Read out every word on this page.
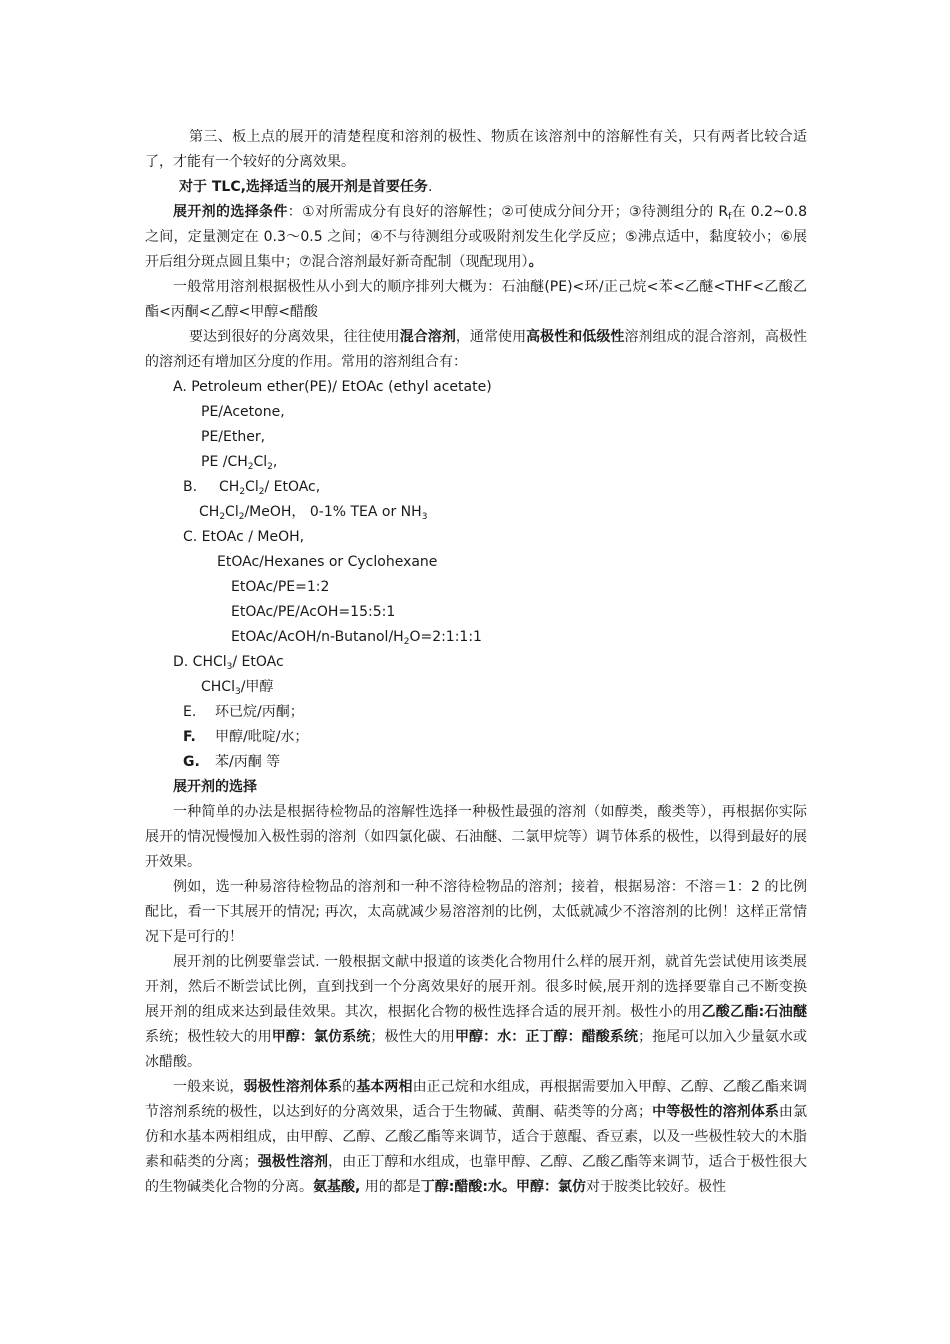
第三、板上点的展开的清楚程度和溶剂的极性、物质在该溶剂中的溶解性有关，只有两者比较合适了，才能有一个较好的分离效果。

对于 TLC,选择适当的展开剂是首要任务.

展开剂的选择条件：①对所需成分有良好的溶解性；②可使成分间分开；③待测组分的 $R_f$在 0.2~0.8 之间，定量测定在 0.3～0.5 之间；④不与待测组分或吸附剂发生化学反应；⑤沸点适中，黏度较小；⑥展开后组分斑点圆且集中；⑦混合溶剂最好新奇配制（现配现用）。

一般常用溶剂根据极性从小到大的顺序排列大概为：石油醚(PE)<环/正己烷<苯<乙醚<THF<乙酸乙酯<丙酮<乙醇<甲醇<醋酸

要达到很好的分离效果，往往使用混合溶剂，通常使用高极性和低级性溶剂组成的混合溶剂，高极性的溶剂还有增加区分度的作用。常用的溶剂组合有：

A. Petroleum ether(PE)/ EtOAc (ethyl acetate)
PE/Acetone,
PE/Ether,
PE $/CH_2Cl_2$,
B. $CH_2Cl_2/$ EtOAc,
$CH_2Cl_2$/MeOH， 0-1% TEA or $NH_3$
C. EtOAc / MeOH,
EtOAc/Hexanes or Cyclohexane
EtOAc/PE=1:2
EtOAc/PE/AcOH=15:5:1
EtOAc/$AcOH/n-Butanol/H_2O=2:1:1:1$
D. CHCl$_3$/ EtOAc
CHCl$_3$/甲醇
E. 环已烷/丙酮；
F. 甲醇/吡啶/水；
G. 苯/丙酮 等

展开剂的选择

一种简单的办法是根据待检物品的溶解性选择一种极性最强的溶剂（如醇类，酸类等），再根据你实际展开的情况慢慢加入极性弱的溶剂（如四氯化碳、石油醚、二氯甲烷等）调节体系的极性，以得到最好的展开效果。

例如，选一种易溶待检物品的溶剂和一种不溶待检物品的溶剂；接着，根据易溶：不溶＝1：2 的比例配比，看一下其展开的情况; 再次，太高就减少易溶溶剂的比例，太低就减少不溶溶剂的比例！这样正常情况下是可行的！

展开剂的比例要靠尝试. 一般根据文献中报道的该类化合物用什么样的展开剂，就首先尝试使用该类展开剂，然后不断尝试比例，直到找到一个分离效果好的展开剂。很多时候,展开剂的选择要靠自己不断变换展开剂的组成来达到最佳效果。其次，根据化合物的极性选择合适的展开剂。极性小的用乙酸乙酯:石油醚系统；极性较大的用甲醇：氯仿系统；极性大的用甲醇：水：正丁醇：醋酸系统；拖尾可以加入少量氨水或冰醋酸。

一般来说，弱极性溶剂体系的基本两相由正己烷和水组成，再根据需要加入甲醇、乙醇、乙酸乙酯来调节溶剂系统的极性，以达到好的分离效果，适合于生物碱、黄酮、萜类等的分离；中等极性的溶剂体系由氯仿和水基本两相组成，由甲醇、乙醇、乙酸乙酯等来调节，适合于蒽醌、香豆素，以及一些极性较大的木脂素和萜类的分离；强极性溶剂，由正丁醇和水组成，也靠甲醇、乙醇、乙酸乙酯等来调节，适合于极性很大的生物碱类化合物的分离。氨基酸, 用的都是丁醇:醋酸:水。甲醇：氯仿对于胺类比较好。极性
